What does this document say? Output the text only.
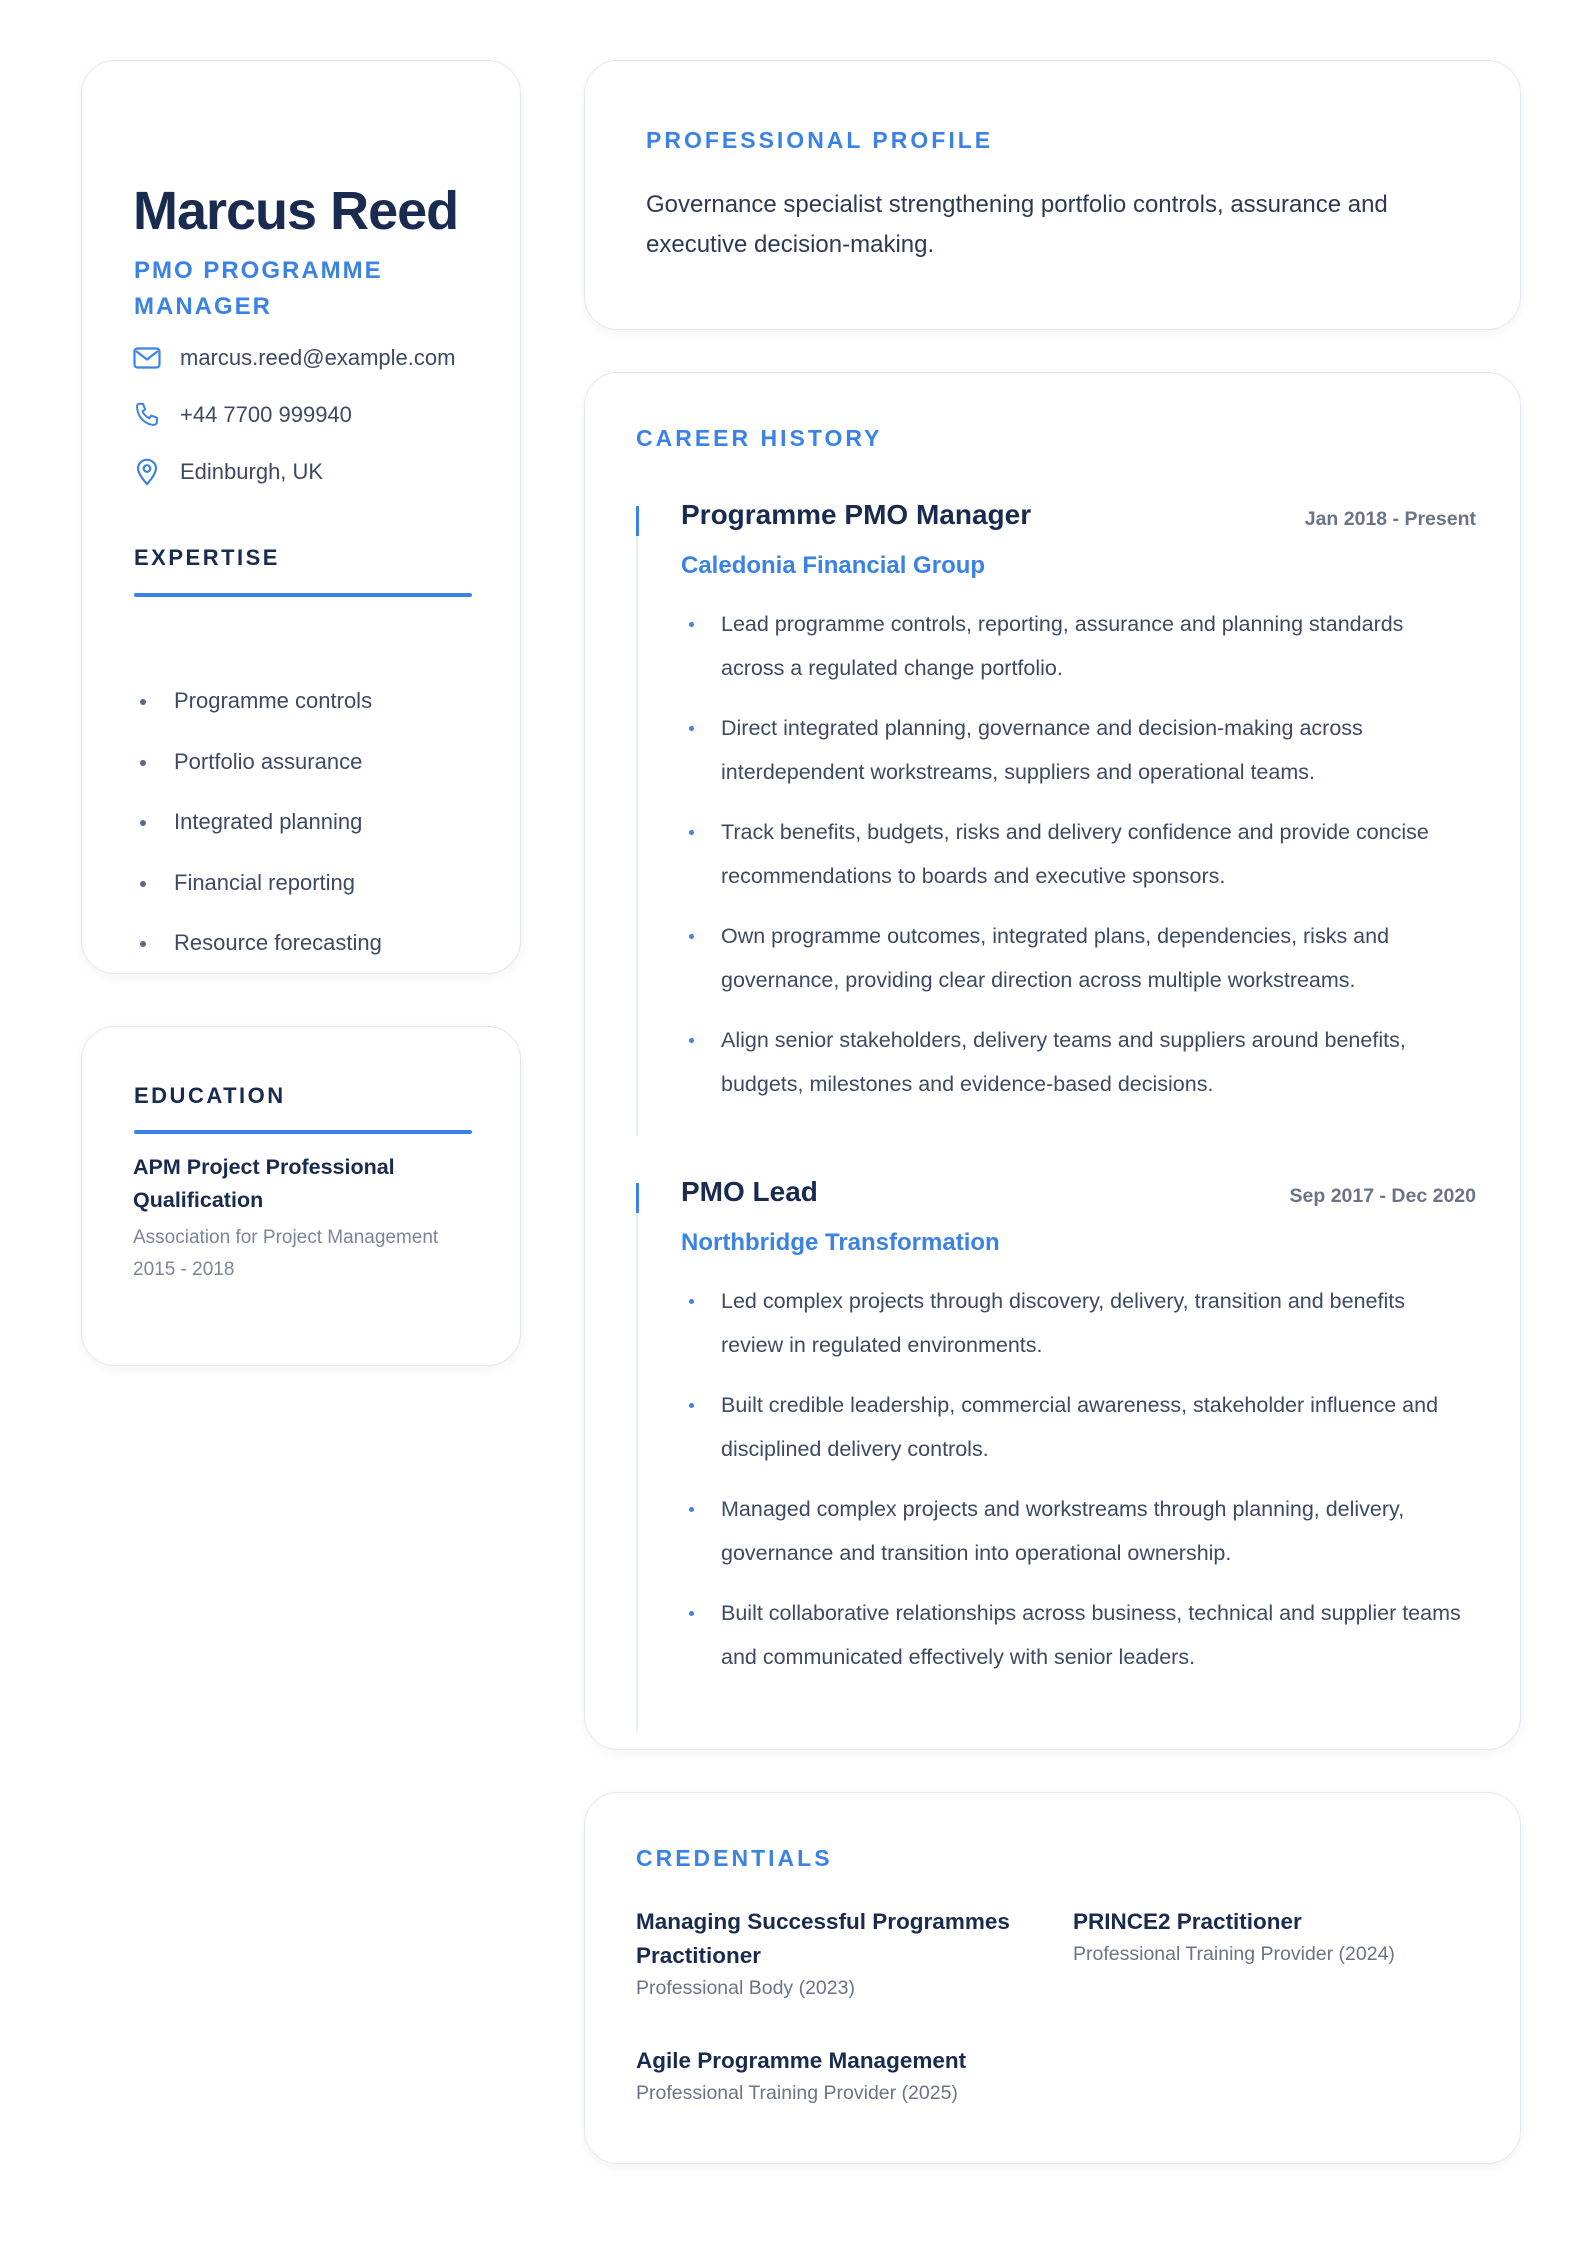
Marcus Reed
PMO PROGRAMME MANAGER
marcus.reed@example.com
+44 7700 999940
Edinburgh, UK
EXPERTISE
Programme controls
Portfolio assurance
Integrated planning
Financial reporting
Resource forecasting
EDUCATION
APM Project Professional Qualification
Association for Project Management
2015 - 2018
PROFESSIONAL PROFILE

Governance specialist strengthening portfolio controls, assurance and executive decision-making.

CAREER HISTORY
Programme PMO Manager	Jan 2018 - Present
Caledonia Financial Group
Lead programme controls, reporting, assurance and planning standards across a regulated change portfolio.
Direct integrated planning, governance and decision-making across interdependent workstreams, suppliers and operational teams.
Track benefits, budgets, risks and delivery confidence and provide concise recommendations to boards and executive sponsors.
Own programme outcomes, integrated plans, dependencies, risks and governance, providing clear direction across multiple workstreams.
Align senior stakeholders, delivery teams and suppliers around benefits, budgets, milestones and evidence-based decisions.
PMO Lead	Sep 2017 - Dec 2020
Northbridge Transformation
Led complex projects through discovery, delivery, transition and benefits review in regulated environments.
Built credible leadership, commercial awareness, stakeholder influence and disciplined delivery controls.
Managed complex projects and workstreams through planning, delivery, governance and transition into operational ownership.
Built collaborative relationships across business, technical and supplier teams and communicated effectively with senior leaders.
CREDENTIALS
Managing Successful Programmes Practitioner
Professional Body (2023)
PRINCE2 Practitioner
Professional Training Provider (2024)
Agile Programme Management
Professional Training Provider (2025)
